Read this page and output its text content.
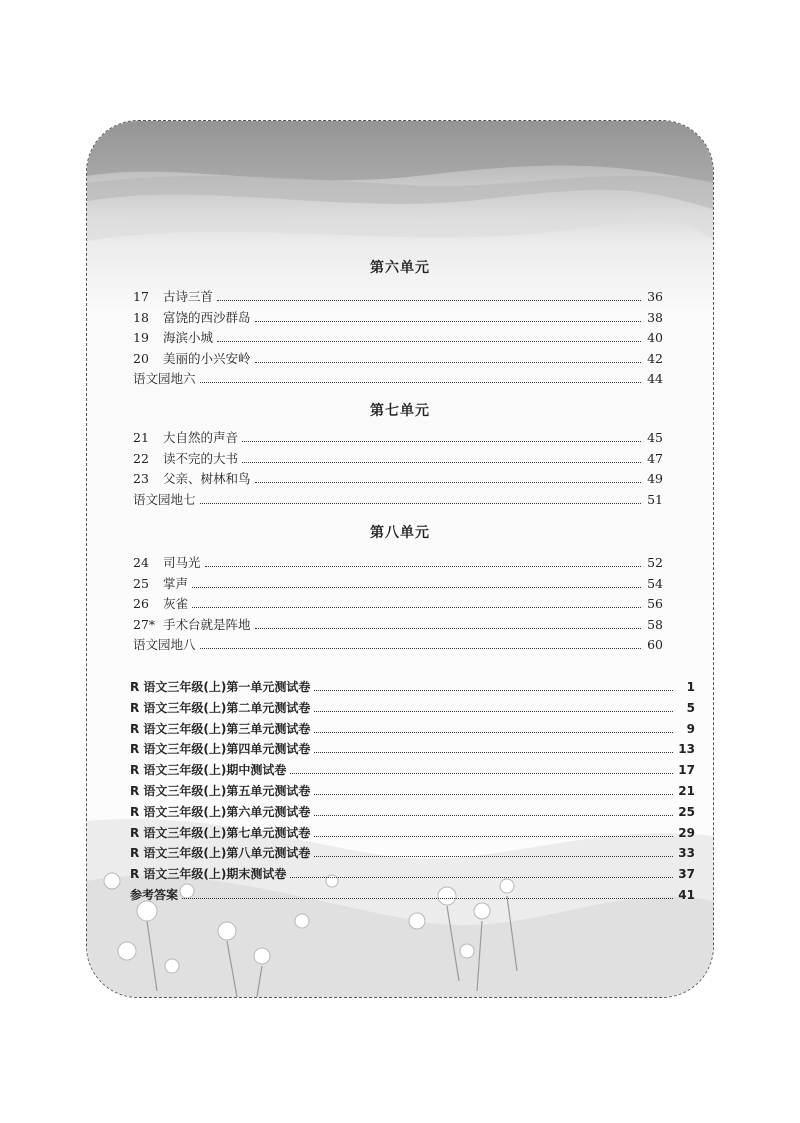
第六单元
17	古诗三首	36
18	富饶的西沙群岛	38
19	海滨小城	40
20	美丽的小兴安岭	42
语文园地六	44
第七单元
21	大自然的声音	45
22	读不完的大书	47
23	父亲、树林和鸟	49
语文园地七	51
第八单元
24	司马光	52
25	掌声	54
26	灰雀	56
27* 手术台就是阵地	58
语文园地八	60
R 语文三年级(上)第一单元测试卷	1
R 语文三年级(上)第二单元测试卷	5
R 语文三年级(上)第三单元测试卷	9
R 语文三年级(上)第四单元测试卷	13
R 语文三年级(上)期中测试卷	17
R 语文三年级(上)第五单元测试卷	21
R 语文三年级(上)第六单元测试卷	25
R 语文三年级(上)第七单元测试卷	29
R 语文三年级(上)第八单元测试卷	33
R 语文三年级(上)期末测试卷	37
参考答案	41
